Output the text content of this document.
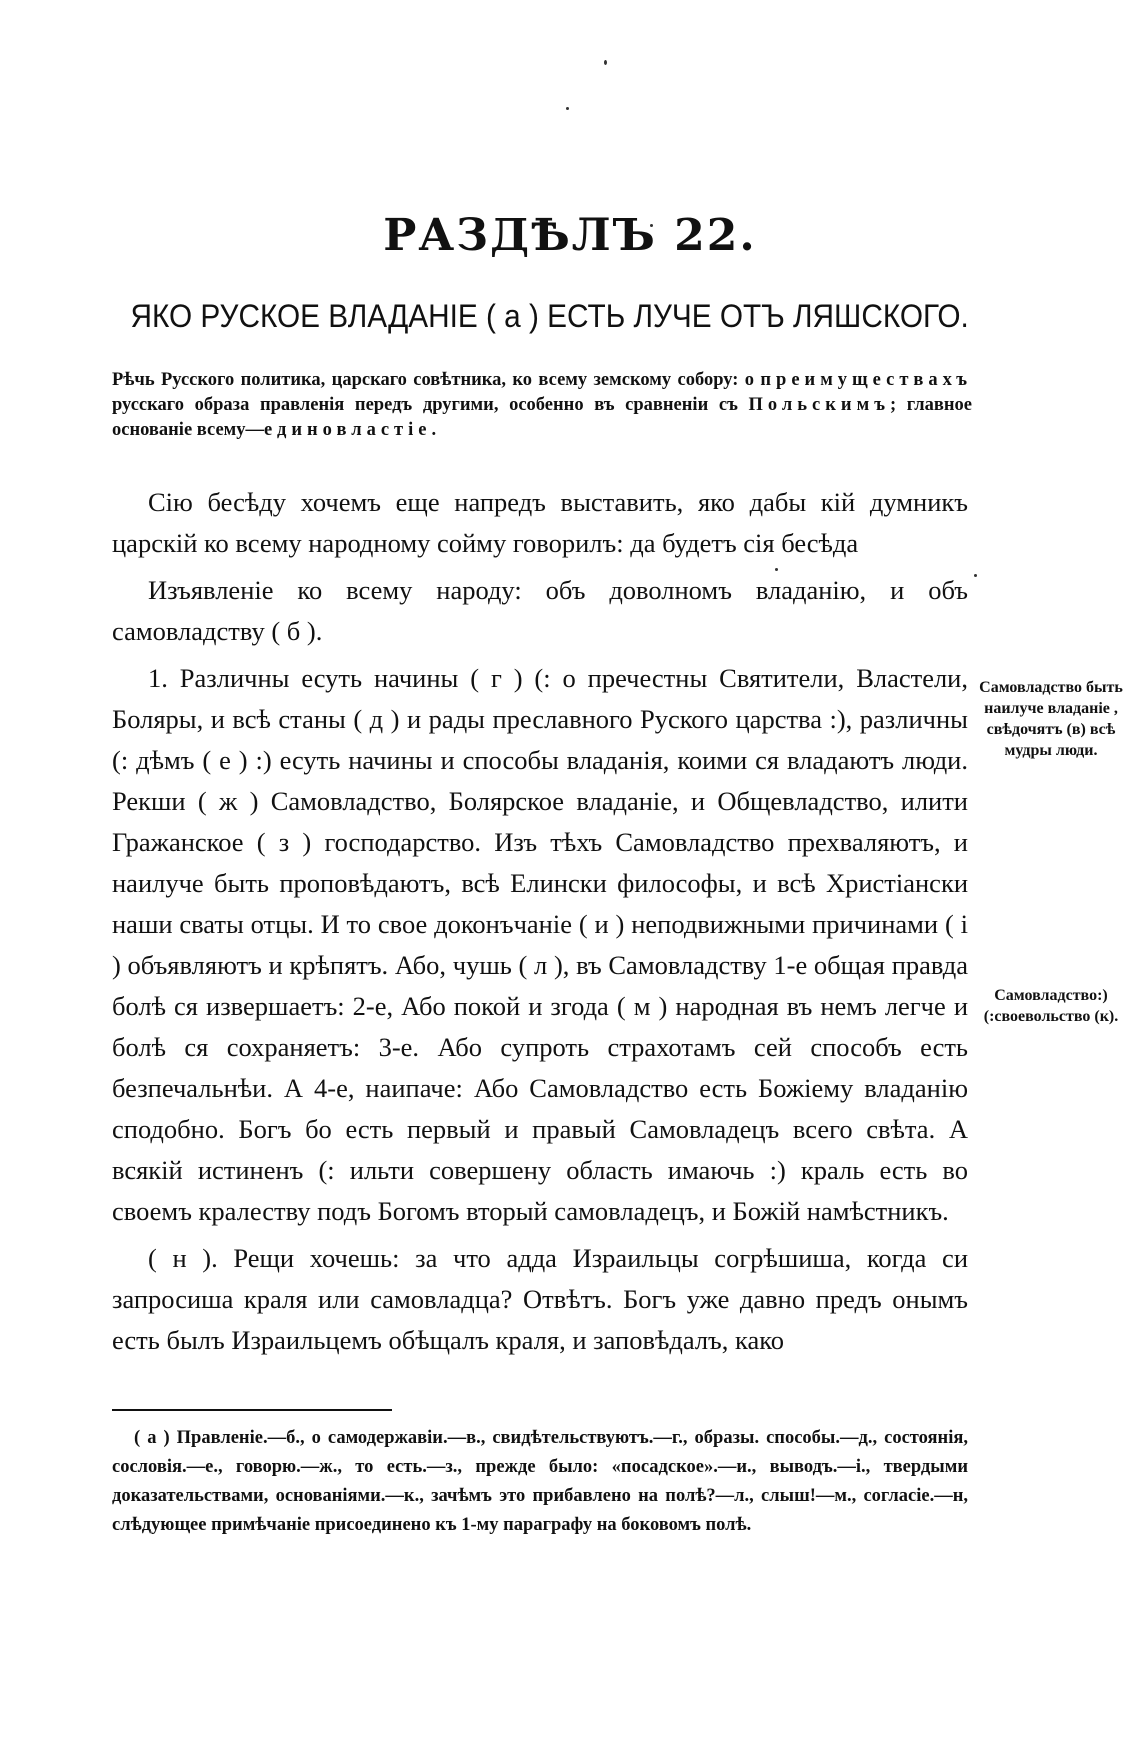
РАЗДѢЛЪ 22.
ЯКО РУСКОЕ ВЛАДАНІЕ ( а ) ЕСТЬ ЛУЧЕ ОТЪ ЛЯШСКОГО.
Рѣчь Русского политика, царскаго совѣтника, ко всему земскому собору: о преимуществахъ русскаго образа правленія передъ другими, особенно въ сравненіи съ Польскимъ; главное основаніе всему—единовластіе.

Сію бесѣду хочемъ еще напредъ выставить, яко дабы кій думникъ царскій ко всему народному сойму говорилъ: да будетъ сія бесѣда

Изъявленіе ко всему народу: объ доволномъ владанію, и объ самовладству ( б ).

1. Различны есуть начины ( г ) (: о пречестны Святители, Властели, Боляры, и всѣ станы ( д ) и рады преславного Руского царства :), различны (: дѣмъ ( е ) :) есуть начины и способы владанія, коими ся владаютъ люди. Рекши ( ж ) Самовладство, Болярское владаніе, и Общевладство, илити Гражанское ( з ) господарство. Изъ тѣхъ Самовладство прехваляютъ, и наилуче быть проповѣдаютъ, всѣ Елински философы, и всѣ Христіански наши сваты отцы. И то свое доконъчаніе ( и ) неподвижными причинами ( і ) объявляютъ и крѣпятъ. Або, чушь ( л ), въ Самовладству 1-е общая правда болѣ ся извершаетъ: 2-е, Або покой и згода ( м ) народная въ немъ легче и болѣ ся сохраняетъ: 3-е. Або супроть страхотамъ сей способъ есть безпечальнѣи. А 4-е, наипаче: Або Самовладство есть Божіему владанію сподобно. Богъ бо есть первый и правый Самовладецъ всего свѣта. А всякій истиненъ (: ильти совершену область имаючь :) краль есть во своемъ кралеству подъ Богомъ вторый самовладецъ, и Божій намѣстникъ.

( н ). Рещи хочешь: за что адда Израильцы согрѣшиша, когда си запросиша краля или самовладца? Отвѣтъ. Богъ уже давно предъ онымъ есть былъ Израильцемъ обѣщалъ краля, и заповѣдалъ, како

Самовладство быть наилуче владаніе , свѣдочятъ (в) всѣ мудры люди.
Самовладство:) (:своевольство (к).
( а ) Правленіе.—б., о самодержавіи.—в., свидѣтельствуютъ.—г., образы. способы.—д., состоянія, сословія.—е., говорю.—ж., то есть.—з., прежде было: «посадское».—и., выводъ.—і., твердыми доказательствами, основаніями.—к., зачѣмъ это прибавлено на полѣ?—л., слыш!—м., согласіе.—н, слѣдующее примѣчаніе присоединено къ 1-му параграфу на боковомъ полѣ.
